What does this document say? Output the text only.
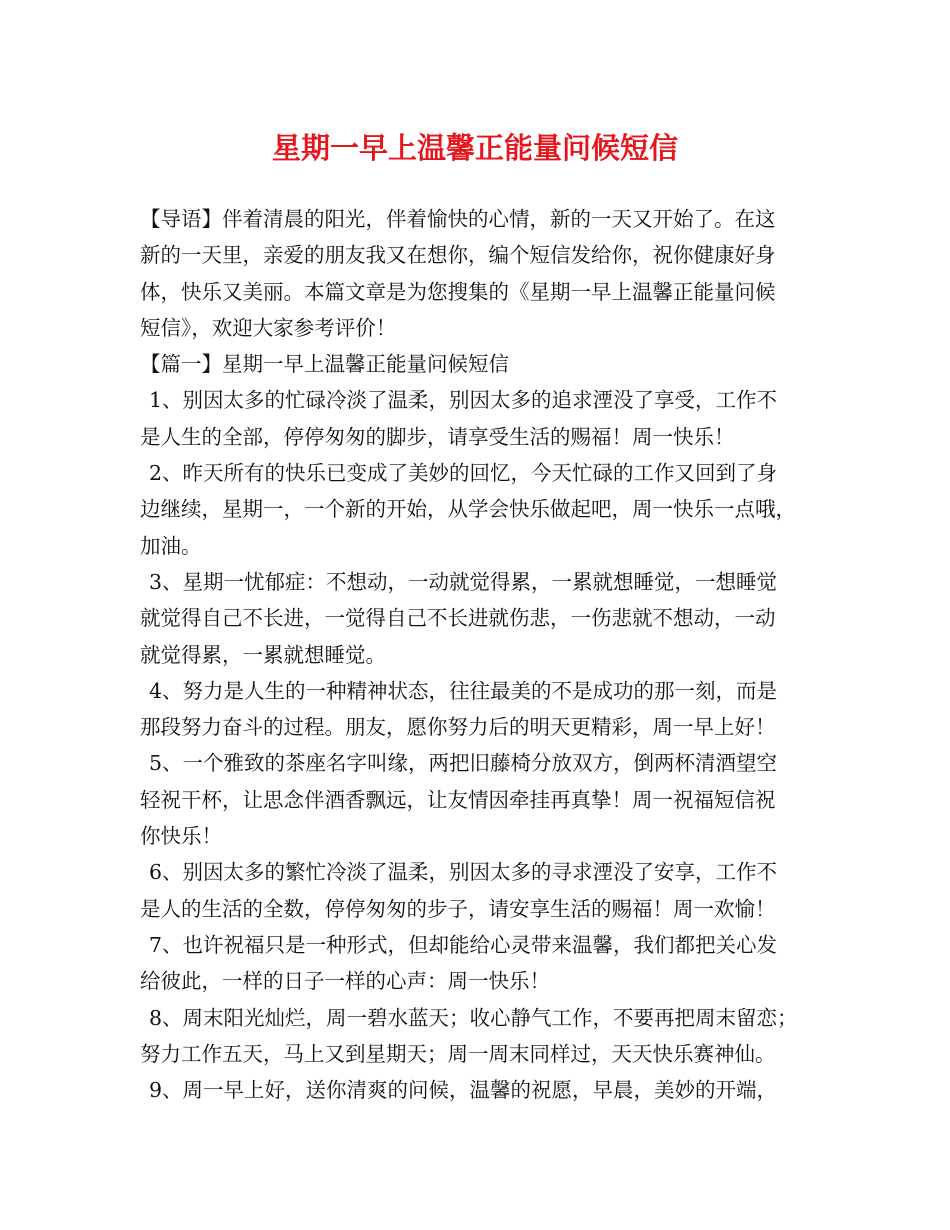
星期一早上温馨正能量问候短信
【导语】伴着清晨的阳光，伴着愉快的心情，新的一天又开始了。在这
新的一天里，亲爱的朋友我又在想你，编个短信发给你，祝你健康好身
体，快乐又美丽。本篇文章是为您搜集的《星期一早上温馨正能量问候
短信》，欢迎大家参考评价！
【篇一】星期一早上温馨正能量问候短信
1、别因太多的忙碌冷淡了温柔，别因太多的追求湮没了享受，工作不
是人生的全部，停停匆匆的脚步，请享受生活的赐福！周一快乐！
2、昨天所有的快乐已变成了美妙的回忆，今天忙碌的工作又回到了身
边继续，星期一，一个新的开始，从学会快乐做起吧，周一快乐一点哦，
加油。
3、星期一忧郁症：不想动，一动就觉得累，一累就想睡觉，一想睡觉
就觉得自己不长进，一觉得自己不长进就伤悲，一伤悲就不想动，一动
就觉得累，一累就想睡觉。
4、努力是人生的一种精神状态，往往最美的不是成功的那一刻，而是
那段努力奋斗的过程。朋友，愿你努力后的明天更精彩，周一早上好！
5、一个雅致的茶座名字叫缘，两把旧藤椅分放双方，倒两杯清酒望空
轻祝干杯，让思念伴酒香飘远，让友情因牵挂再真挚！周一祝福短信祝
你快乐！
6、别因太多的繁忙冷淡了温柔，别因太多的寻求湮没了安享，工作不
是人的生活的全数，停停匆匆的步子，请安享生活的赐福！周一欢愉！
7、也许祝福只是一种形式，但却能给心灵带来温馨，我们都把关心发
给彼此，一样的日子一样的心声：周一快乐！
8、周末阳光灿烂，周一碧水蓝天；收心静气工作，不要再把周末留恋；
努力工作五天，马上又到星期天；周一周末同样过，天天快乐赛神仙。
9、周一早上好，送你清爽的问候，温馨的祝愿，早晨，美妙的开端，
